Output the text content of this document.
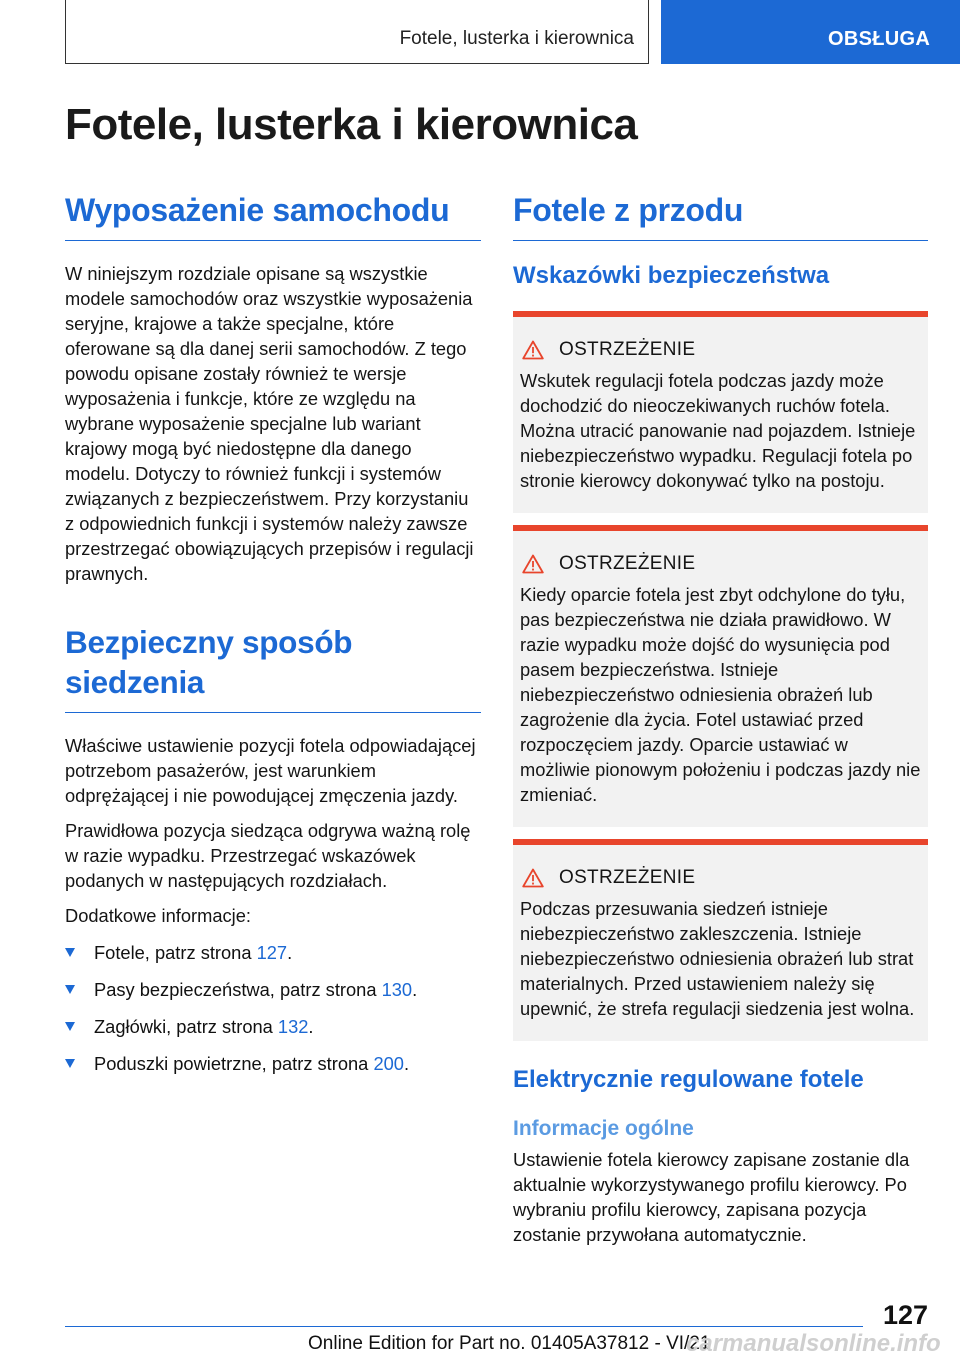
Fotele, lusterka i kierownica	OBSŁUGA
Fotele, lusterka i kierownica
Wyposażenie samochodu

W niniejszym rozdziale opisane są wszystkie modele samochodów oraz wszystkie wyposażenia seryjne, krajowe a także specjalne, które oferowane są dla danej serii samochodów. Z tego powodu opisane zostały również te wersje wyposażenia i funkcje, które ze względu na wybrane wyposażenie specjalne lub wariant krajowy mogą być niedostępne dla danego modelu. Dotyczy to również funkcji i systemów związanych z bezpieczeństwem. Przy korzystaniu z odpowiednich funkcji i systemów należy zawsze przestrzegać obowiązujących przepisów i regulacji prawnych.

Bezpieczny sposób siedzenia

Właściwe ustawienie pozycji fotela odpowiadającej potrzebom pasażerów, jest warunkiem odprężającej i nie powodującej zmęczenia jazdy.

Prawidłowa pozycja siedząca odgrywa ważną rolę w razie wypadku. Przestrzegać wskazówek podanych w następujących rozdziałach.

Dodatkowe informacje:

Fotele, patrz strona 127.
Pasy bezpieczeństwa, patrz strona 130.
Zagłówki, patrz strona 132.
Poduszki powietrzne, patrz strona 200.
Fotele z przodu
Wskazówki bezpieczeństwa
OSTRZEŻENIE

Wskutek regulacji fotela podczas jazdy może dochodzić do nieoczekiwanych ruchów fotela. Można utracić panowanie nad pojazdem. Istnieje niebezpieczeństwo wypadku. Regulacji fotela po stronie kierowcy dokonywać tylko na postoju.

OSTRZEŻENIE

Kiedy oparcie fotela jest zbyt odchylone do tyłu, pas bezpieczeństwa nie działa prawidłowo. W razie wypadku może dojść do wysunięcia pod pasem bezpieczeństwa. Istnieje niebezpieczeństwo odniesienia obrażeń lub zagrożenie dla życia. Fotel ustawiać przed rozpoczęciem jazdy. Oparcie ustawiać w możliwie pionowym położeniu i podczas jazdy nie zmieniać.

OSTRZEŻENIE

Podczas przesuwania siedzeń istnieje niebezpieczeństwo zakleszczenia. Istnieje niebezpieczeństwo odniesienia obrażeń lub strat materialnych. Przed ustawieniem należy się upewnić, że strefa regulacji siedzenia jest wolna.

Elektrycznie regulowane fotele
Informacje ogólne

Ustawienie fotela kierowcy zapisane zostanie dla aktualnie wykorzystywanego profilu kierowcy. Po wybraniu profilu kierowcy, zapisana pozycja zostanie przywołana automatycznie.

127
Online Edition for Part no. 01405A37812 - VI/21
carmanualsonline.info
